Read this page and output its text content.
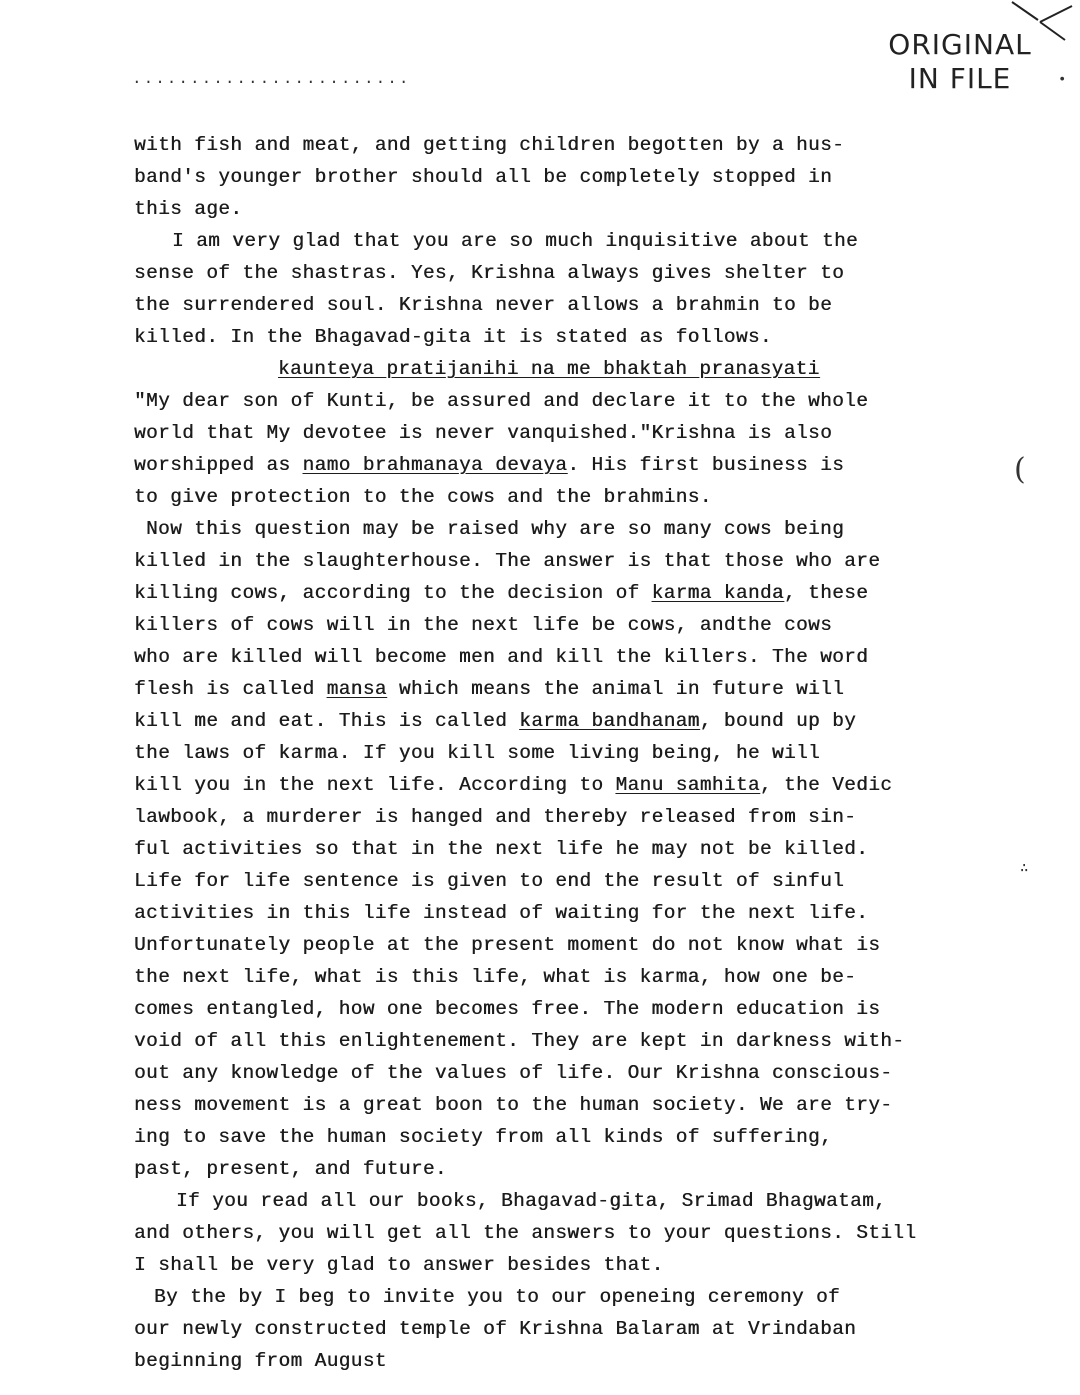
ORIGINAL
IN FILE	•
........................
with fish and meat, and getting children begotten by a hus-
band's younger brother should all be completely stopped in
this age.
I am very glad that you are so much inquisitive about the
sense of the shastras. Yes, Krishna always gives shelter to
the surrendered soul. Krishna never allows a brahmin to be
killed. In the Bhagavad-gita it is stated as follows.
kaunteya pratijanihi na me bhaktah pranasyati
"My dear son of Kunti, be assured and declare it to the whole
world that My devotee is never vanquished."Krishna is also
worshipped as namo brahmanaya devaya. His first business is
to give protection to the cows and the brahmins.
Now this question may be raised why are so many cows being
killed in the slaughterhouse. The answer is that those who are
killing cows, according to the decision of karma kanda, these
killers of cows will in the next life be cows, andthe cows
who are killed will become men and kill the killers. The word
flesh is called mansa which means the animal in future will
kill me and eat. This is called karma bandhanam, bound up by
the laws of karma. If you kill some living being, he will
kill you in the next life. According to Manu samhita, the Vedic
lawbook, a murderer is hanged and thereby released from sin-
ful activities so that in the next life he may not be killed.
Life for life sentence is given to end the result of sinful
activities in this life instead of waiting for the next life.
Unfortunately people at the present moment do not know what is
the next life, what is this life, what is karma, how one be-
comes entangled, how one becomes free. The modern education is
void of all this enlightenement. They are kept in darkness with-
out any knowledge of the values of life. Our Krishna conscious-
ness movement is a great boon to the human society. We are try-
ing to save the human society from all kinds of suffering,
past, present, and future.
If you read all our books, Bhagavad-gita, Srimad Bhagwatam,
and others, you will get all the answers to your questions. Still
I shall be very glad to answer besides that.
By the by I beg to invite you to our openeing ceremony of
our newly constructed temple of Krishna Balaram at Vrindaban
beginning from August
(
∴
